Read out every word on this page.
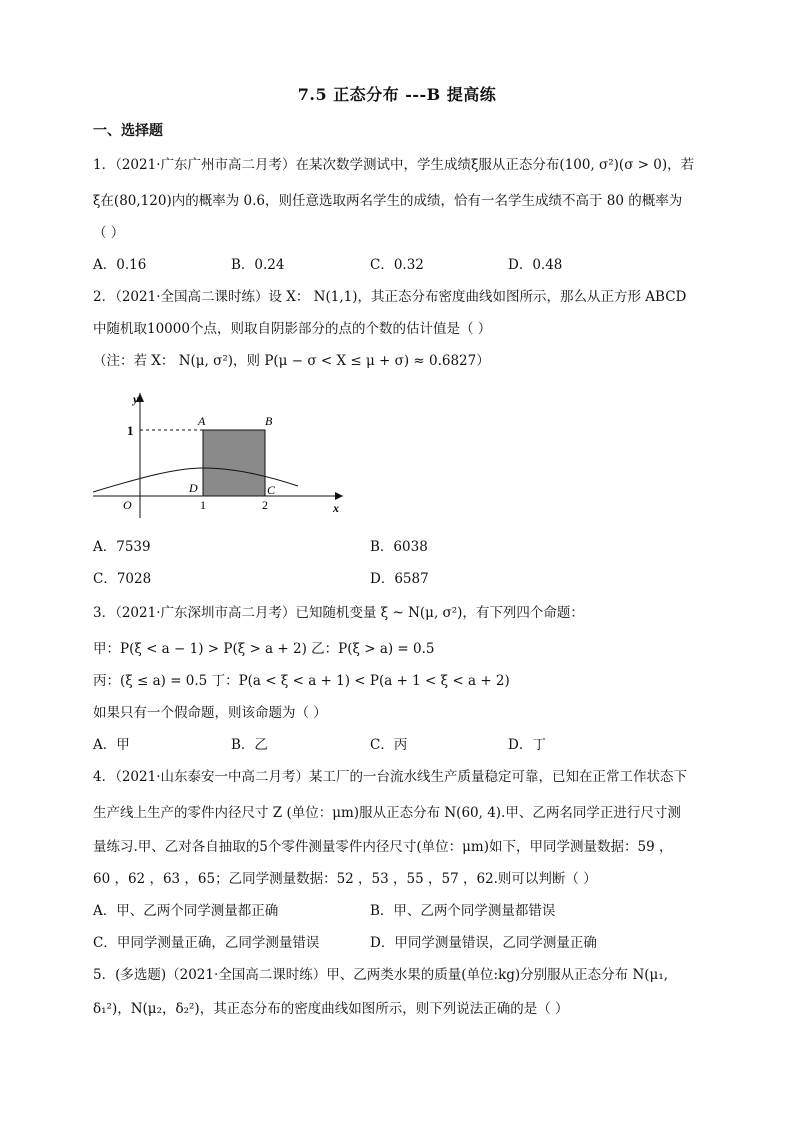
7.5 正态分布 ---B 提高练
一、选择题
1．（2021·广东广州市高二月考）在某次数学测试中，学生成绩ξ服从正态分布(100, σ²)(σ > 0)，若
ξ在(80,120)内的概率为 0.6，则任意选取两名学生的成绩，恰有一名学生成绩不高于 80 的概率为
（ ）
A．0.16	B．0.24	C．0.32	D．0.48
2．（2021·全国高二课时练）设 X： N(1,1)，其正态分布密度曲线如图所示，那么从正方形 ABCD
中随机取10000个点，则取自阴影部分的点的个数的估计值是（ ）
（注：若 X： N(μ, σ²)，则 P(μ − σ < X ≤ μ + σ) ≈ 0.6827）
y
x
O
1
1	2
A	B
C
D
A．7539	B．6038
C．7028	D．6587
3．（2021·广东深圳市高二月考）已知随机变量 ξ ~ N(μ, σ²)，有下列四个命题：
甲：P(ξ < a − 1) > P(ξ > a + 2) 乙：P(ξ > a) = 0.5
丙：(ξ ≤ a) = 0.5 丁：P(a < ξ < a + 1) < P(a + 1 < ξ < a + 2)
如果只有一个假命题，则该命题为（ ）
A．甲	B．乙	C．丙	D．丁
4．（2021·山东泰安一中高二月考）某工厂的一台流水线生产质量稳定可靠，已知在正常工作状态下
生产线上生产的零件内径尺寸 Z (单位：μm)服从正态分布 N(60, 4).甲、乙两名同学正进行尺寸测
量练习.甲、乙对各自抽取的5个零件测量零件内径尺寸(单位：μm)如下，甲同学测量数据：59 ，
60 ，62 ，63 ，65；乙同学测量数据：52 ，53 ，55 ，57 ，62.则可以判断（ ）
A．甲、乙两个同学测量都正确	B．甲、乙两个同学测量都错误
C．甲同学测量正确，乙同学测量错误	D．甲同学测量错误，乙同学测量正确
5．(多选题)（2021·全国高二课时练）甲、乙两类水果的质量(单位:kg)分别服从正态分布 N(μ₁,
δ₁²)，N(μ₂，δ₂²)，其正态分布的密度曲线如图所示，则下列说法正确的是（ ）
